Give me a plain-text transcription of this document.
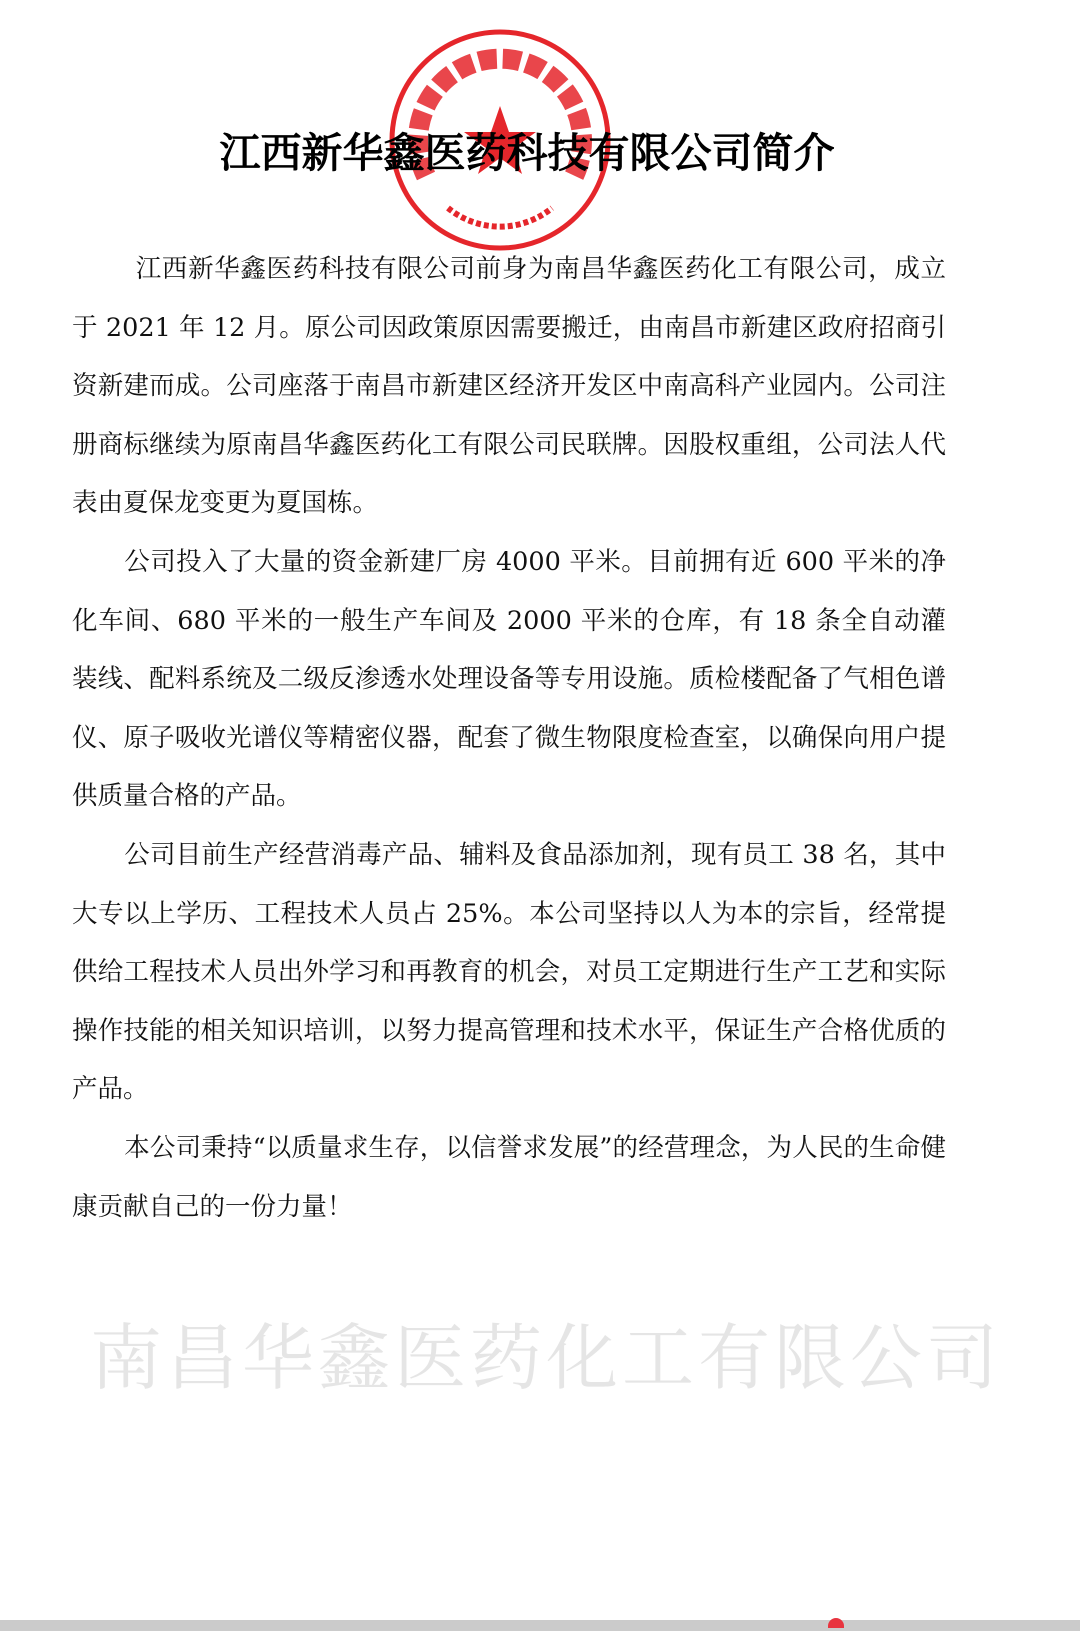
南昌华鑫医药化工有限公司
江西新华鑫医药科技有限公司简介

江西新华鑫医药科技有限公司前身为南昌华鑫医药化工有限公司，成立于 2021 年 12 月。原公司因政策原因需要搬迁，由南昌市新建区政府招商引资新建而成。公司座落于南昌市新建区经济开发区中南高科产业园内。公司注册商标继续为原南昌华鑫医药化工有限公司民联牌。因股权重组，公司法人代表由夏保龙变更为夏国栋。

公司投入了大量的资金新建厂房 4000 平米。目前拥有近 600 平米的净化车间、680 平米的一般生产车间及 2000 平米的仓库，有 18 条全自动灌装线、配料系统及二级反渗透水处理设备等专用设施。质检楼配备了气相色谱仪、原子吸收光谱仪等精密仪器，配套了微生物限度检查室，以确保向用户提供质量合格的产品。

公司目前生产经营消毒产品、辅料及食品添加剂，现有员工 38 名，其中大专以上学历、工程技术人员占 25%。本公司坚持以人为本的宗旨，经常提供给工程技术人员出外学习和再教育的机会，对员工定期进行生产工艺和实际操作技能的相关知识培训，以努力提高管理和技术水平，保证生产合格优质的产品。

本公司秉持“以质量求生存，以信誉求发展”的经营理念，为人民的生命健康贡献自己的一份力量！
